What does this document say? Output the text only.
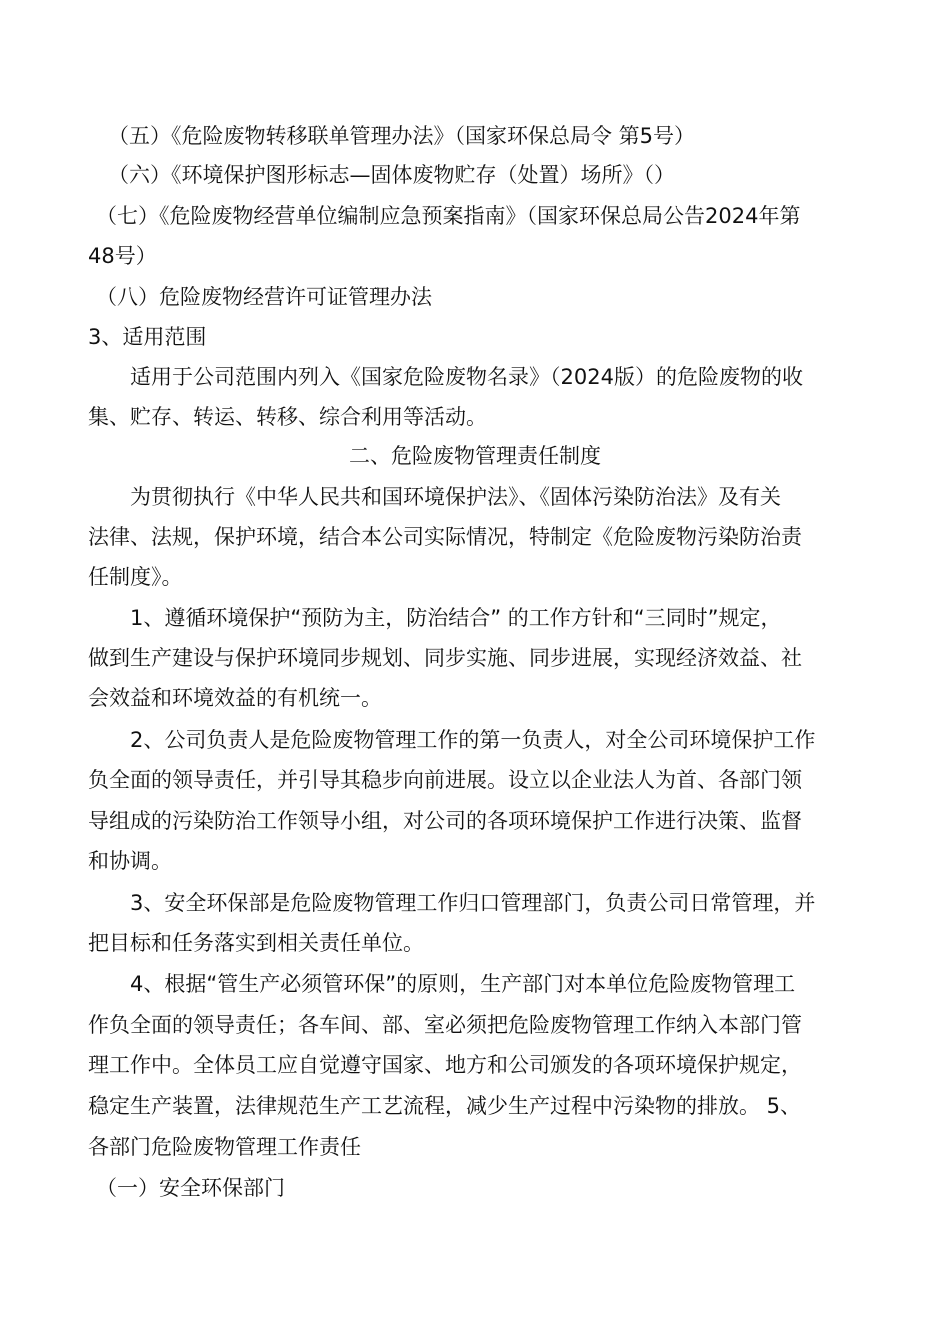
（五）《危险废物转移联单管理办法》（国家环保总局令 第5号）
（六）《环境保护图形标志—固体废物贮存（处置）场所》（）
（七）《危险废物经营单位编制应急预案指南》（国家环保总局公告2024年第
48号）
（八）危险废物经营许可证管理办法
3、适用范围
适用于公司范围内列入《国家危险废物名录》（2024版）的危险废物的收
集、贮存、转运、转移、综合利用等活动。
二、危险废物管理责任制度
为贯彻执行《中华人民共和国环境保护法》、《固体污染防治法》及有关
法律、法规，保护环境，结合本公司实际情况，特制定《危险废物污染防治责
任制度》。
1、遵循环境保护“预防为主，防治结合” 的工作方针和“三同时”规定，
做到生产建设与保护环境同步规划、同步实施、同步进展，实现经济效益、社
会效益和环境效益的有机统一。
2、公司负责人是危险废物管理工作的第一负责人，对全公司环境保护工作
负全面的领导责任，并引导其稳步向前进展。设立以企业法人为首、各部门领
导组成的污染防治工作领导小组，对公司的各项环境保护工作进行决策、监督
和协调。
3、安全环保部是危险废物管理工作归口管理部门，负责公司日常管理，并
把目标和任务落实到相关责任单位。
4、根据“管生产必须管环保”的原则，生产部门对本单位危险废物管理工
作负全面的领导责任；各车间、部、室必须把危险废物管理工作纳入本部门管
理工作中。全体员工应自觉遵守国家、地方和公司颁发的各项环境保护规定，
稳定生产装置，法律规范生产工艺流程，减少生产过程中污染物的排放。 5、
各部门危险废物管理工作责任
（一）安全环保部门
